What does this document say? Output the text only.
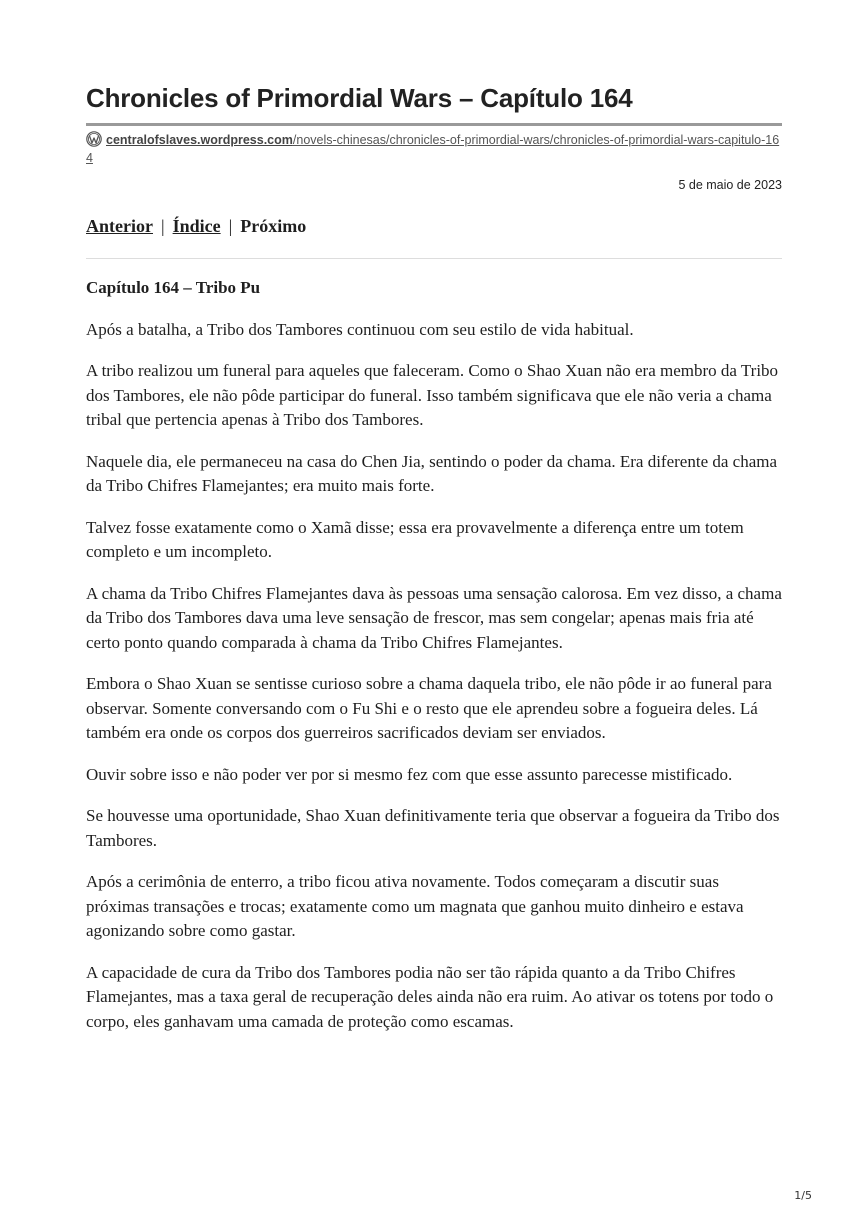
Chronicles of Primordial Wars – Capítulo 164
centralofslaves.wordpress.com/novels-chinesas/chronicles-of-primordial-wars/chronicles-of-primordial-wars-capitulo-164
5 de maio de 2023
Anterior | Índice | Próximo
Capítulo 164 – Tribo Pu

Após a batalha, a Tribo dos Tambores continuou com seu estilo de vida habitual.

A tribo realizou um funeral para aqueles que faleceram. Como o Shao Xuan não era membro da Tribo dos Tambores, ele não pôde participar do funeral. Isso também significava que ele não veria a chama tribal que pertencia apenas à Tribo dos Tambores.

Naquele dia, ele permaneceu na casa do Chen Jia, sentindo o poder da chama. Era diferente da chama da Tribo Chifres Flamejantes; era muito mais forte.

Talvez fosse exatamente como o Xamã disse; essa era provavelmente a diferença entre um totem completo e um incompleto.

A chama da Tribo Chifres Flamejantes dava às pessoas uma sensação calorosa. Em vez disso, a chama da Tribo dos Tambores dava uma leve sensação de frescor, mas sem congelar; apenas mais fria até certo ponto quando comparada à chama da Tribo Chifres Flamejantes.

Embora o Shao Xuan se sentisse curioso sobre a chama daquela tribo, ele não pôde ir ao funeral para observar. Somente conversando com o Fu Shi e o resto que ele aprendeu sobre a fogueira deles. Lá também era onde os corpos dos guerreiros sacrificados deviam ser enviados.

Ouvir sobre isso e não poder ver por si mesmo fez com que esse assunto parecesse mistificado.

Se houvesse uma oportunidade, Shao Xuan definitivamente teria que observar a fogueira da Tribo dos Tambores.

Após a cerimônia de enterro, a tribo ficou ativa novamente. Todos começaram a discutir suas próximas transações e trocas; exatamente como um magnata que ganhou muito dinheiro e estava agonizando sobre como gastar.

A capacidade de cura da Tribo dos Tambores podia não ser tão rápida quanto a da Tribo Chifres Flamejantes, mas a taxa geral de recuperação deles ainda não era ruim. Ao ativar os totens por todo o corpo, eles ganhavam uma camada de proteção como escamas.

1/5
